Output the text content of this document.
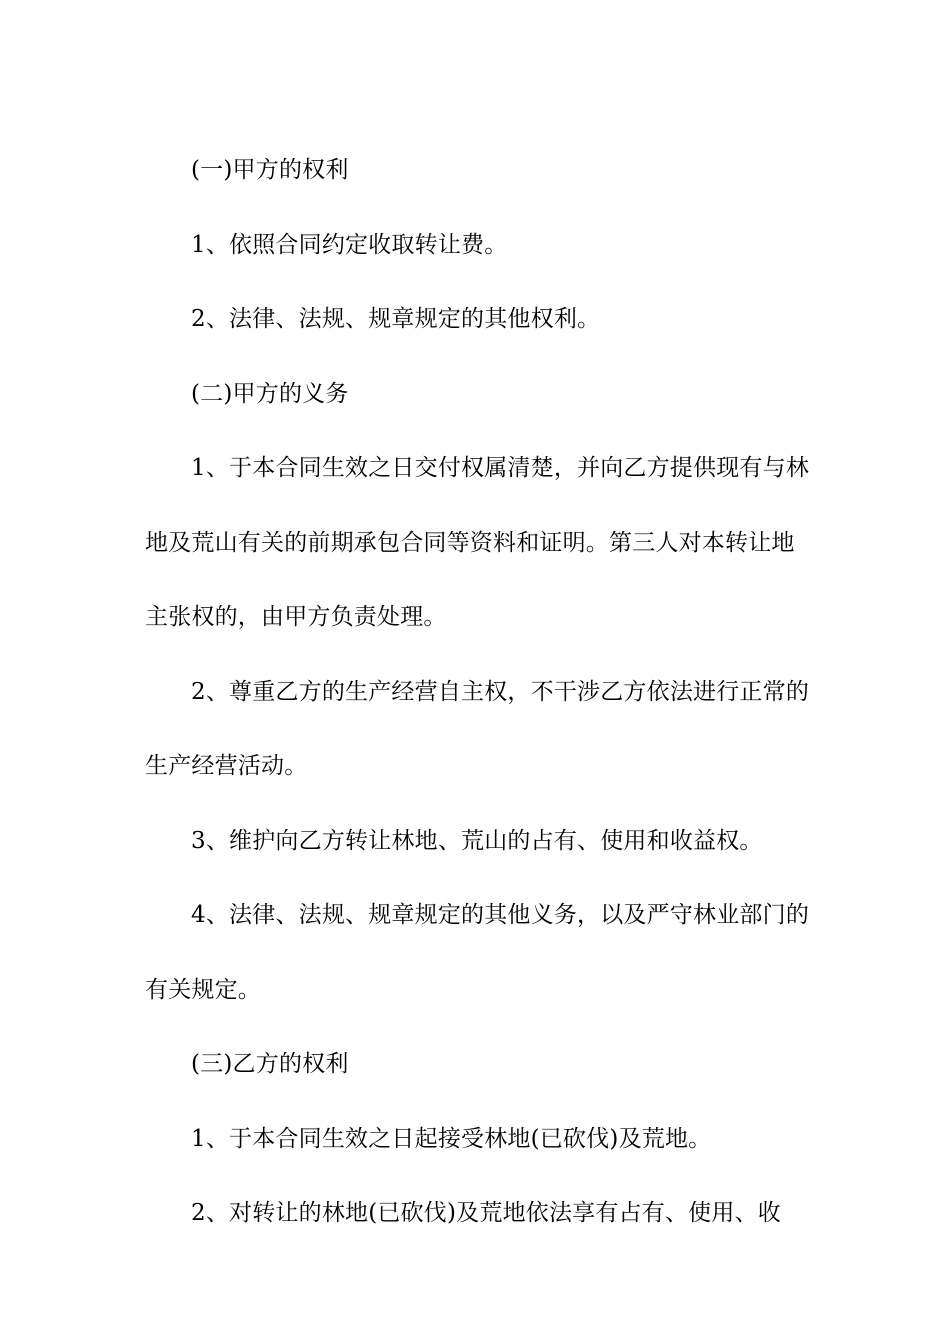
(一)甲方的权利

1、依照合同约定收取转让费。

2、法律、法规、规章规定的其他权利。

(二)甲方的义务

1、于本合同生效之日交付权属清楚，并向乙方提供现有与林地及荒山有关的前期承包合同等资料和证明。第三人对本转让地主张权的，由甲方负责处理。

2、尊重乙方的生产经营自主权，不干涉乙方依法进行正常的生产经营活动。

3、维护向乙方转让林地、荒山的占有、使用和收益权。

4、法律、法规、规章规定的其他义务，以及严守林业部门的有关规定。

(三)乙方的权利

1、于本合同生效之日起接受林地(已砍伐)及荒地。

2、对转让的林地(已砍伐)及荒地依法享有占有、使用、收
